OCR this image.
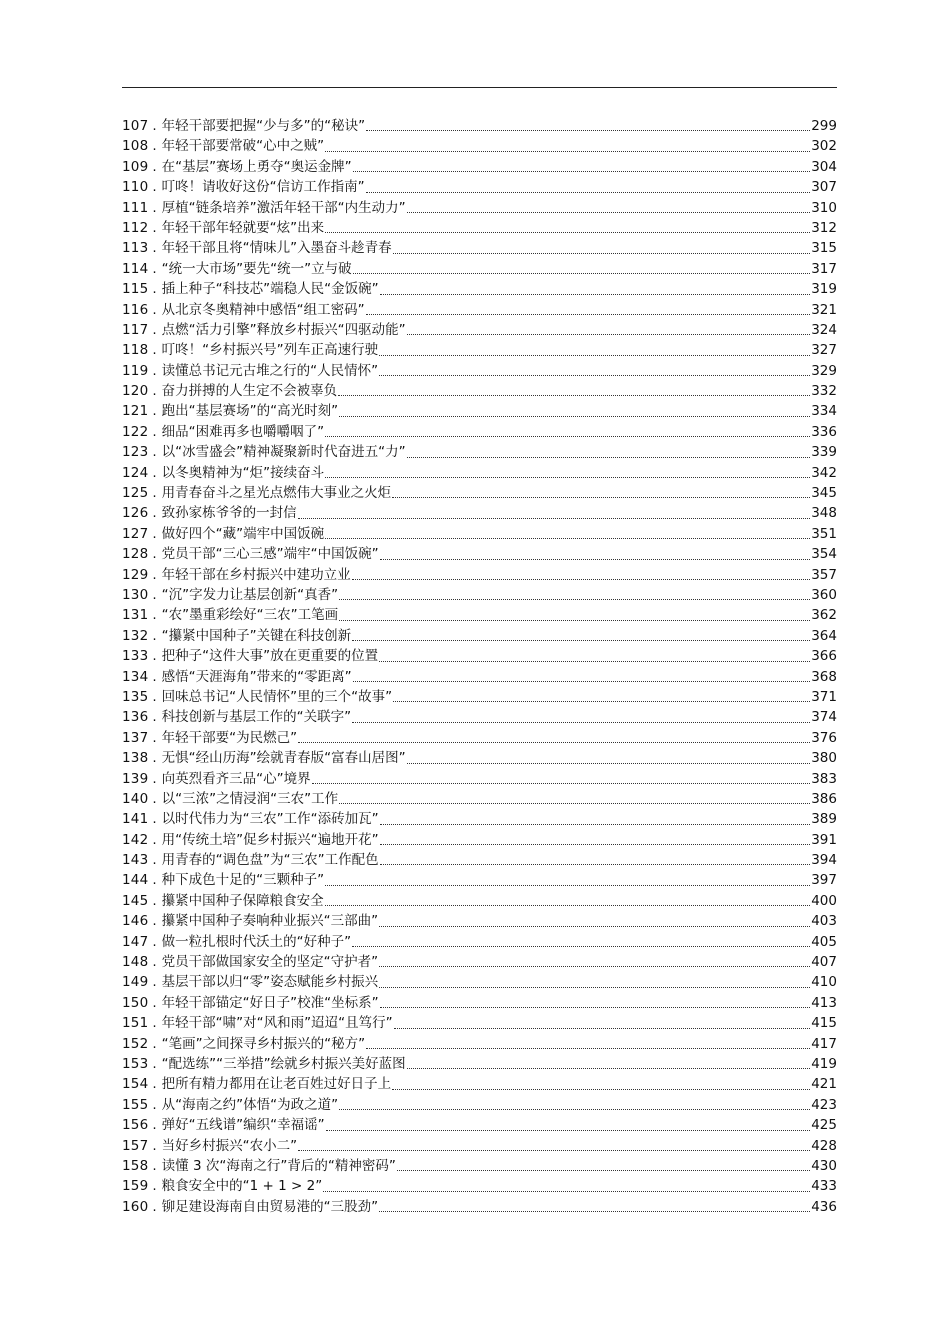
107 . 年轻干部要把握“少与多”的“秘诀”	299
108 . 年轻干部要常破“心中之贼”	302
109 . 在“基层”赛场上勇夺“奥运金牌”	304
110 . 叮咚！请收好这份“信访工作指南”	307
111 . 厚植“链条培养”激活年轻干部“内生动力”	310
112 . 年轻干部年轻就要“炫”出来	312
113 . 年轻干部且将“情味儿”入墨奋斗趁青春	315
114 . “统一大市场”要先“统一”立与破	317
115 . 插上种子“科技芯”端稳人民“金饭碗”	319
116 . 从北京冬奥精神中感悟“组工密码”	321
117 . 点燃“活力引擎”释放乡村振兴“四驱动能”	324
118 . 叮咚！“乡村振兴号”列车正高速行驶	327
119 . 读懂总书记元古堆之行的“人民情怀”	329
120 . 奋力拼搏的人生定不会被辜负	332
121 . 跑出“基层赛场”的“高光时刻”	334
122 . 细品“困难再多也嚼嚼咽了”	336
123 . 以“冰雪盛会”精神凝聚新时代奋进五“力”	339
124 . 以冬奥精神为“炬”接续奋斗	342
125 . 用青春奋斗之星光点燃伟大事业之火炬	345
126 . 致孙家栋爷爷的一封信	348
127 . 做好四个“藏”端牢中国饭碗	351
128 . 党员干部“三心三感”端牢“中国饭碗”	354
129 . 年轻干部在乡村振兴中建功立业	357
130 . “沉”字发力让基层创新“真香”	360
131 . “农”墨重彩绘好“三农”工笔画	362
132 . “攥紧中国种子”关键在科技创新	364
133 . 把种子“这件大事”放在更重要的位置	366
134 . 感悟“天涯海角”带来的“零距离”	368
135 . 回味总书记“人民情怀”里的三个“故事”	371
136 . 科技创新与基层工作的“关联字”	374
137 . 年轻干部要“为民燃己”	376
138 . 无惧“经山历海”绘就青春版“富春山居图”	380
139 . 向英烈看齐三品“心”境界	383
140 . 以“三浓”之情浸润“三农”工作	386
141 . 以时代伟力为“三农”工作“添砖加瓦”	389
142 . 用“传统土培”促乡村振兴“遍地开花”	391
143 . 用青春的“调色盘”为“三农”工作配色	394
144 . 种下成色十足的“三颗种子”	397
145 . 攥紧中国种子保障粮食安全	400
146 . 攥紧中国种子奏响种业振兴“三部曲”	403
147 . 做一粒扎根时代沃土的“好种子”	405
148 . 党员干部做国家安全的坚定“守护者”	407
149 . 基层干部以归“零”姿态赋能乡村振兴	410
150 . 年轻干部锚定“好日子”校准“坐标系”	413
151 . 年轻干部“啸”对“风和雨”迢迢“且笃行”	415
152 . “笔画”之间探寻乡村振兴的“秘方”	417
153 . “配选练”“三举措”绘就乡村振兴美好蓝图	419
154 . 把所有精力都用在让老百姓过好日子上	421
155 . 从“海南之约”体悟“为政之道”	423
156 . 弹好“五线谱”编织“幸福谣”	425
157 . 当好乡村振兴“农小二”	428
158 . 读懂 3 次“海南之行”背后的“精神密码”	430
159 . 粮食安全中的“1 + 1 > 2”	433
160 . 铆足建设海南自由贸易港的“三股劲”	436
